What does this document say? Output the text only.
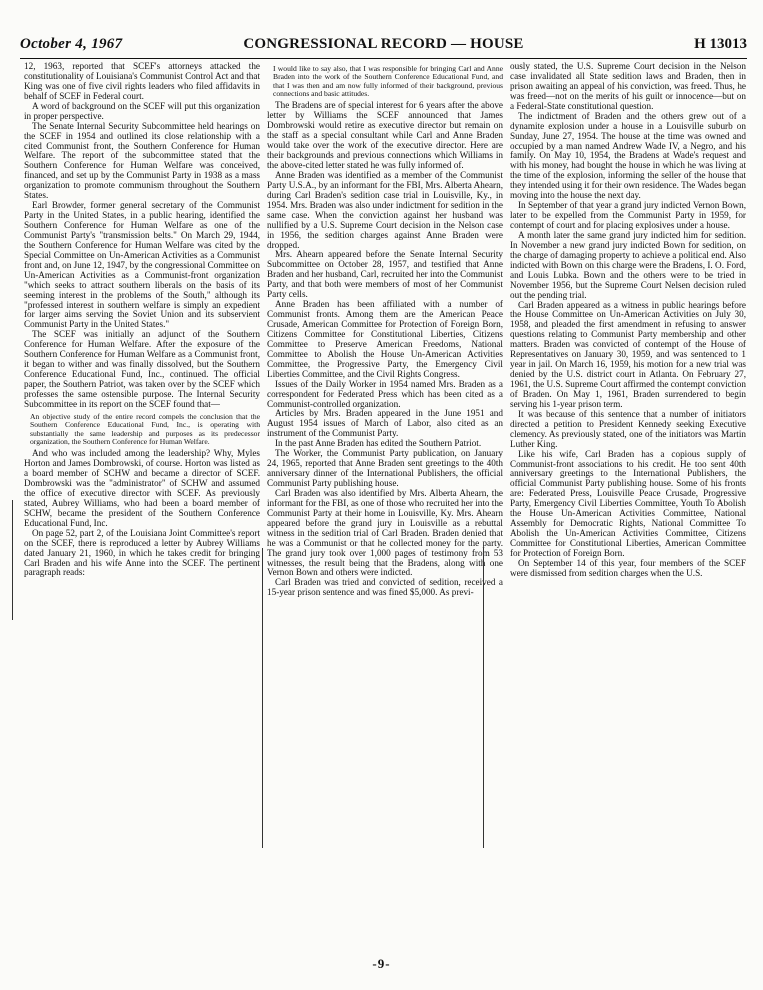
October 4, 1967	CONGRESSIONAL RECORD — HOUSE	H 13013

12, 1963, reported that SCEF's attorneys attacked the constitutionality of Louisiana's Communist Control Act and that King was one of five civil rights leaders who filed affidavits in behalf of SCEF in Federal court.

A word of background on the SCEF will put this organization in proper perspective.

The Senate Internal Security Subcommittee held hearings on the SCEF in 1954 and outlined its close relationship with a cited Communist front, the Southern Conference for Human Welfare. The report of the subcommittee stated that the Southern Conference for Human Welfare was conceived, financed, and set up by the Communist Party in 1938 as a mass organization to promote communism throughout the Southern States.

Earl Browder, former general secretary of the Communist Party in the United States, in a public hearing, identified the Southern Conference for Human Welfare as one of the Communist Party's "transmission belts." On March 29, 1944, the Southern Conference for Human Welfare was cited by the Special Committee on Un-American Activities as a Communist front and, on June 12, 1947, by the congressional Committee on Un-American Activities as a Communist-front organization "which seeks to attract southern liberals on the basis of its seeming interest in the problems of the South," although its "professed interest in southern welfare is simply an expedient for larger aims serving the Soviet Union and its subservient Communist Party in the United States."

The SCEF was initially an adjunct of the Southern Conference for Human Welfare. After the exposure of the Southern Conference for Human Welfare as a Communist front, it began to wither and was finally dissolved, but the Southern Conference Educational Fund, Inc., continued. The official paper, the Southern Patriot, was taken over by the SCEF which professes the same ostensible purpose. The Internal Security Subcommittee in its report on the SCEF found that—

An objective study of the entire record compels the conclusion that the Southern Conference Educational Fund, Inc., is operating with substantially the same leadership and purposes as its predecessor organization, the Southern Conference for Human Welfare.

And who was included among the leadership? Why, Myles Horton and James Dombrowski, of course. Horton was listed as a board member of SCHW and became a director of SCEF. Dombrowski was the "administrator" of SCHW and assumed the office of executive director with SCEF. As previously stated, Aubrey Williams, who had been a board member of SCHW, became the president of the Southern Conference Educational Fund, Inc.

On page 52, part 2, of the Louisiana Joint Committee's report on the SCEF, there is reproduced a letter by Aubrey Williams dated January 21, 1960, in which he takes credit for bringing Carl Braden and his wife Anne into the SCEF. The pertinent paragraph reads:

I would like to say also, that I was responsible for bringing Carl and Anne Braden into the work of the Southern Conference Educational Fund, and that I was then and am now fully informed of their background, previous connections and basic attitudes.

The Bradens are of special interest for 6 years after the above letter by Williams the SCEF announced that James Dombrowski would retire as executive director but remain on the staff as a special consultant while Carl and Anne Braden would take over the work of the executive director. Here are their backgrounds and previous connections which Williams in the above-cited letter stated he was fully informed of.

Anne Braden was identified as a member of the Communist Party U.S.A., by an informant for the FBI, Mrs. Alberta Ahearn, during Carl Braden's sedition case trial in Louisville, Ky., in 1954. Mrs. Braden was also under indictment for sedition in the same case. When the conviction against her husband was nullified by a U.S. Supreme Court decision in the Nelson case in 1956, the sedition charges against Anne Braden were dropped.

Mrs. Ahearn appeared before the Senate Internal Security Subcommittee on October 28, 1957, and testified that Anne Braden and her husband, Carl, recruited her into the Communist Party, and that both were members of most of her Communist Party cells.

Anne Braden has been affiliated with a number of Communist fronts. Among them are the American Peace Crusade, American Committee for Protection of Foreign Born, Citizens Committee for Constitutional Liberties, Citizens Committee to Preserve American Freedoms, National Committee to Abolish the House Un-American Activities Committee, the Progressive Party, the Emergency Civil Liberties Committee, and the Civil Rights Congress.

Issues of the Daily Worker in 1954 named Mrs. Braden as a correspondent for Federated Press which has been cited as a Communist-controlled organization.

Articles by Mrs. Braden appeared in the June 1951 and August 1954 issues of March of Labor, also cited as an instrument of the Communist Party.

In the past Anne Braden has edited the Southern Patriot.

The Worker, the Communist Party publication, on January 24, 1965, reported that Anne Braden sent greetings to the 40th anniversary dinner of the International Publishers, the official Communist Party publishing house.

Carl Braden was also identified by Mrs. Alberta Ahearn, the informant for the FBI, as one of those who recruited her into the Communist Party at their home in Louisville, Ky. Mrs. Ahearn appeared before the grand jury in Louisville as a rebuttal witness in the sedition trial of Carl Braden. Braden denied that he was a Communist or that he collected money for the party. The grand jury took over 1,000 pages of testimony from 53 witnesses, the result being that the Bradens, along with one Vernon Bown and others were indicted.

Carl Braden was tried and convicted of sedition, received a 15-year prison sentence and was fined $5,000. As previ-

ously stated, the U.S. Supreme Court decision in the Nelson case invalidated all State sedition laws and Braden, then in prison awaiting an appeal of his conviction, was freed. Thus, he was freed—not on the merits of his guilt or innocence—but on a Federal-State constitutional question.

The indictment of Braden and the others grew out of a dynamite explosion under a house in a Louisville suburb on Sunday, June 27, 1954. The house at the time was owned and occupied by a man named Andrew Wade IV, a Negro, and his family. On May 10, 1954, the Bradens at Wade's request and with his money, had bought the house in which he was living at the time of the explosion, informing the seller of the house that they intended using it for their own residence. The Wades began moving into the house the next day.

In September of that year a grand jury indicted Vernon Bown, later to be expelled from the Communist Party in 1959, for contempt of court and for placing explosives under a house.

A month later the same grand jury indicted him for sedition. In November a new grand jury indicted Bown for sedition, on the charge of damaging property to achieve a political end. Also indicted with Bown on this charge were the Bradens, I. O. Ford, and Louis Lubka. Bown and the others were to be tried in November 1956, but the Supreme Court Nelsen decision ruled out the pending trial.

Carl Braden appeared as a witness in public hearings before the House Committee on Un-American Activities on July 30, 1958, and pleaded the first amendment in refusing to answer questions relating to Communist Party membership and other matters. Braden was convicted of contempt of the House of Representatives on January 30, 1959, and was sentenced to 1 year in jail. On March 16, 1959, his motion for a new trial was denied by the U.S. district court in Atlanta. On February 27, 1961, the U.S. Supreme Court affirmed the contempt conviction of Braden. On May 1, 1961, Braden surrendered to begin serving his 1-year prison term.

It was because of this sentence that a number of initiators directed a petition to President Kennedy seeking Executive clemency. As previously stated, one of the initiators was Martin Luther King.

Like his wife, Carl Braden has a copious supply of Communist-front associations to his credit. He too sent 40th anniversary greetings to the International Publishers, the official Communist Party publishing house. Some of his fronts are: Federated Press, Louisville Peace Crusade, Progressive Party, Emergency Civil Liberties Committee, Youth To Abolish the House Un-American Activities Committee, National Assembly for Democratic Rights, National Committee To Abolish the Un-American Activities Committee, Citizens Committee for Constitutional Liberties, American Committee for Protection of Foreign Born.

On September 14 of this year, four members of the SCEF were dismissed from sedition charges when the U.S.

-9-
